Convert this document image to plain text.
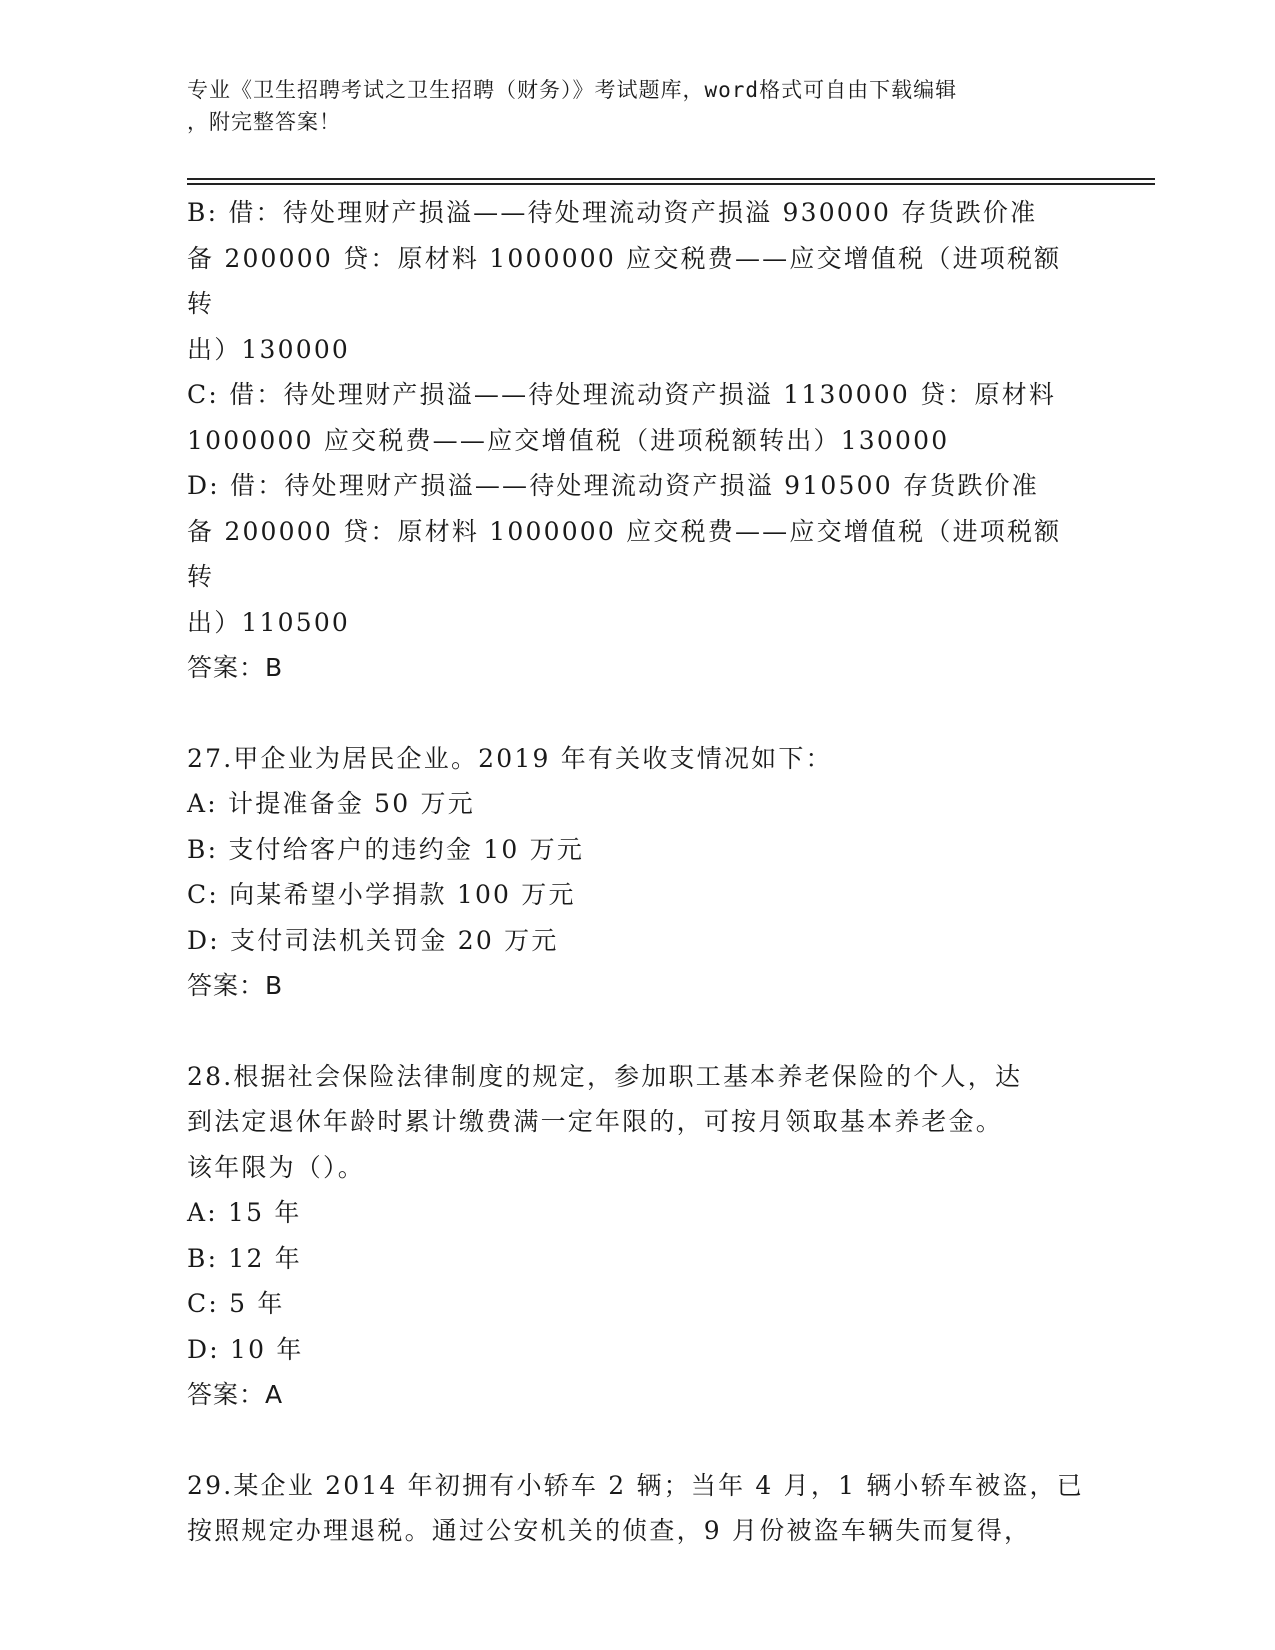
专业《卫生招聘考试之卫生招聘（财务）》考试题库，word格式可自由下载编辑
，附完整答案！

B: 借：待处理财产损溢——待处理流动资产损溢 930000 存货跌价准

备 200000 贷：原材料 1000000 应交税费——应交增值税（进项税额转

出）130000

C: 借：待处理财产损溢——待处理流动资产损溢 1130000 贷：原材料

1000000 应交税费——应交增值税（进项税额转出）130000

D: 借：待处理财产损溢——待处理流动资产损溢 910500 存货跌价准

备 200000 贷：原材料 1000000 应交税费——应交增值税（进项税额转

出）110500

答案：B

27.甲企业为居民企业。2019 年有关收支情况如下：

A: 计提准备金 50 万元

B: 支付给客户的违约金 10 万元

C: 向某希望小学捐款 100 万元

D: 支付司法机关罚金 20 万元

答案：B

28.根据社会保险法律制度的规定，参加职工基本养老保险的个人，达

到法定退休年龄时累计缴费满一定年限的，可按月领取基本养老金。

该年限为（）。

A: 15 年

B: 12 年

C: 5 年

D: 10 年

答案：A

29.某企业 2014 年初拥有小轿车 2 辆；当年 4 月，1 辆小轿车被盗，已

按照规定办理退税。通过公安机关的侦查，9 月份被盗车辆失而复得，
